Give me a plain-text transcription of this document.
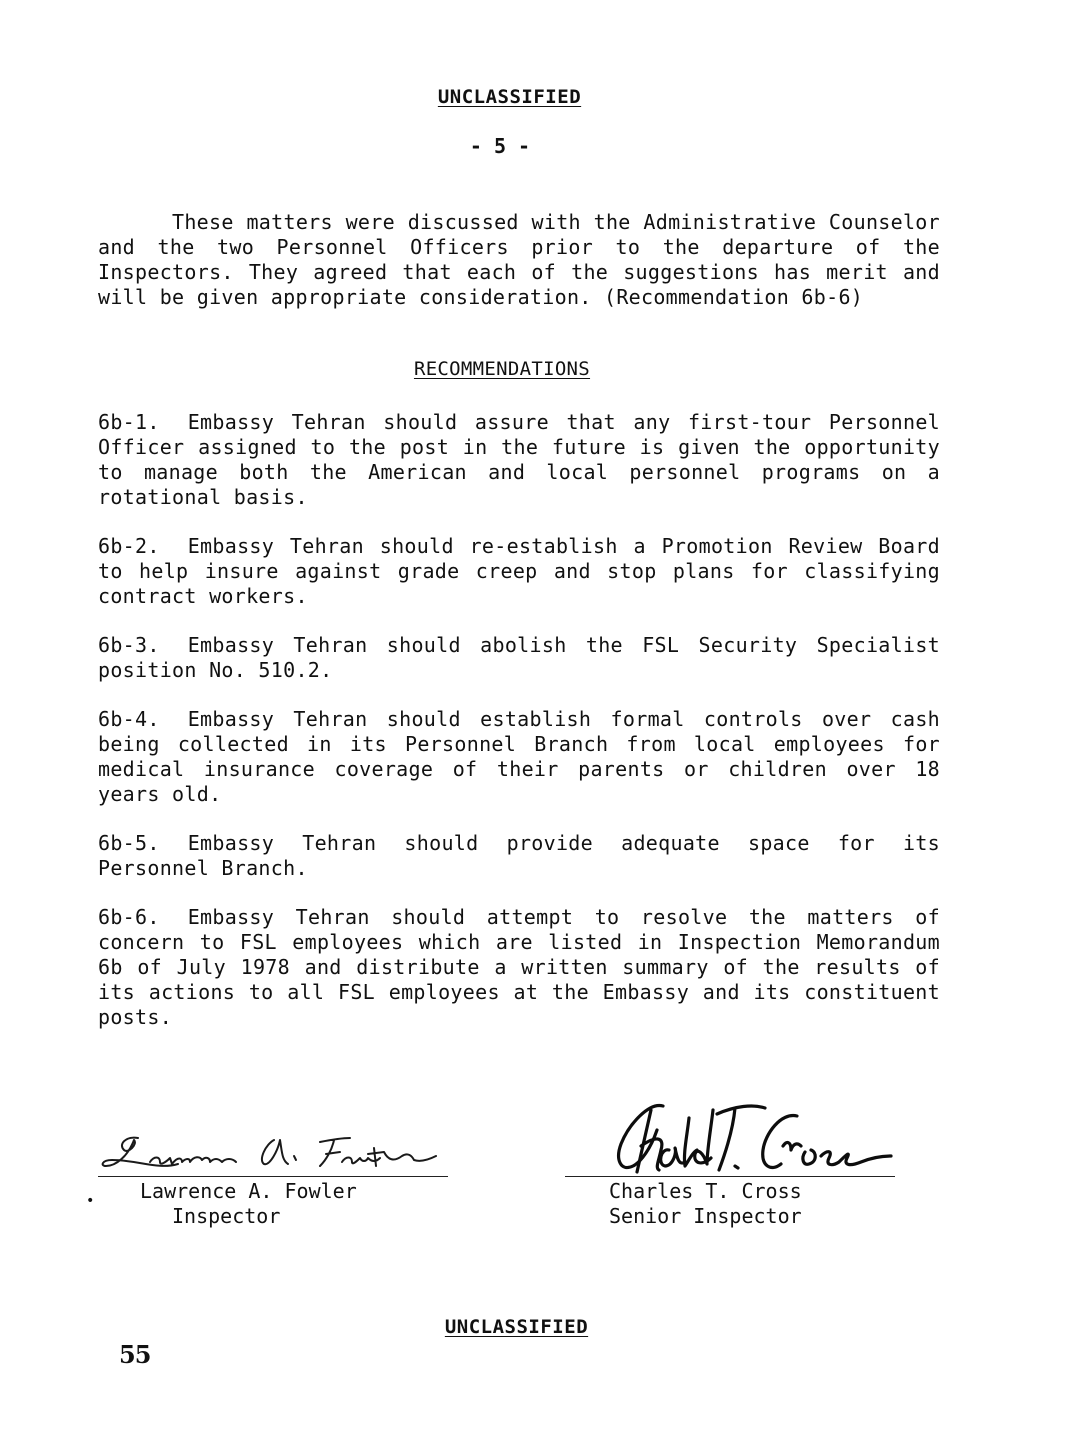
UNCLASSIFIED
- 5 -

These matters were discussed with the Administrative Counselor and the two Personnel Officers prior to the departure of the Inspectors. They agreed that each of the suggestions has merit and will be given appropriate consideration. (Recommendation 6b-6)

RECOMMENDATIONS

6b-1. Embassy Tehran should assure that any first-tour Personnel Officer assigned to the post in the future is given the opportunity to manage both the American and local personnel programs on a rotational basis.

6b-2. Embassy Tehran should re-establish a Promotion Review Board to help insure against grade creep and stop plans for classifying contract workers.

6b-3. Embassy Tehran should abolish the FSL Security Specialist position No. 510.2.

6b-4. Embassy Tehran should establish formal controls over cash being collected in its Personnel Branch from local employees for medical insurance coverage of their parents or children over 18 years old.

6b-5. Embassy Tehran should provide adequate space for its Personnel Branch.

6b-6. Embassy Tehran should attempt to resolve the matters of concern to FSL employees which are listed in Inspection Memorandum 6b of July 1978 and distribute a written summary of the results of its actions to all FSL employees at the Embassy and its constituent posts.

•	Lawrence A. Fowler
Inspector
Charles T. Cross
Senior Inspector
UNCLASSIFIED
55
